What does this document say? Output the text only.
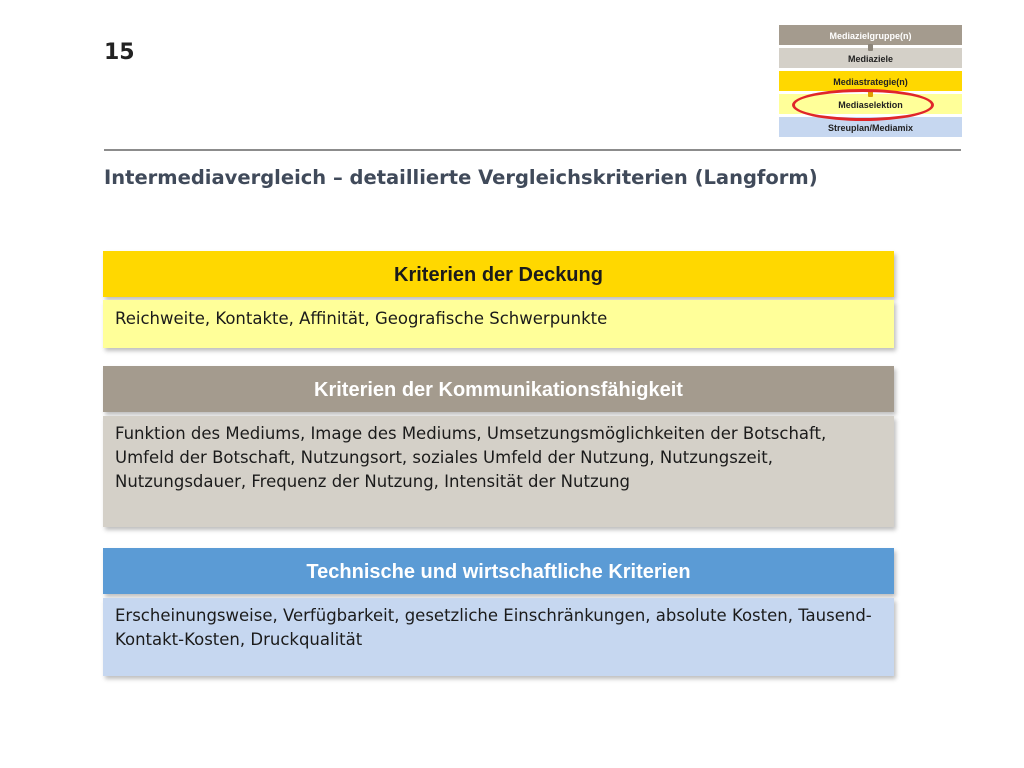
15
Mediazielgruppe(n)
Mediaziele
Mediastrategie(n)
Mediaselektion
Streuplan/Mediamix
Intermediavergleich – detaillierte Vergleichskriterien (Langform)
Kriterien der Deckung
Reichweite, Kontakte, Affinität, Geografische Schwerpunkte
Kriterien der Kommunikationsfähigkeit
Funktion des Mediums, Image des Mediums, Umsetzungsmöglichkeiten der Botschaft, Umfeld der Botschaft, Nutzungsort, soziales Umfeld der Nutzung, Nutzungszeit, Nutzungsdauer, Frequenz der Nutzung, Intensität der Nutzung
Technische und wirtschaftliche Kriterien
Erscheinungsweise, Verfügbarkeit, gesetzliche Einschränkungen, absolute Kosten, Tausend-Kontakt-Kosten, Druckqualität
